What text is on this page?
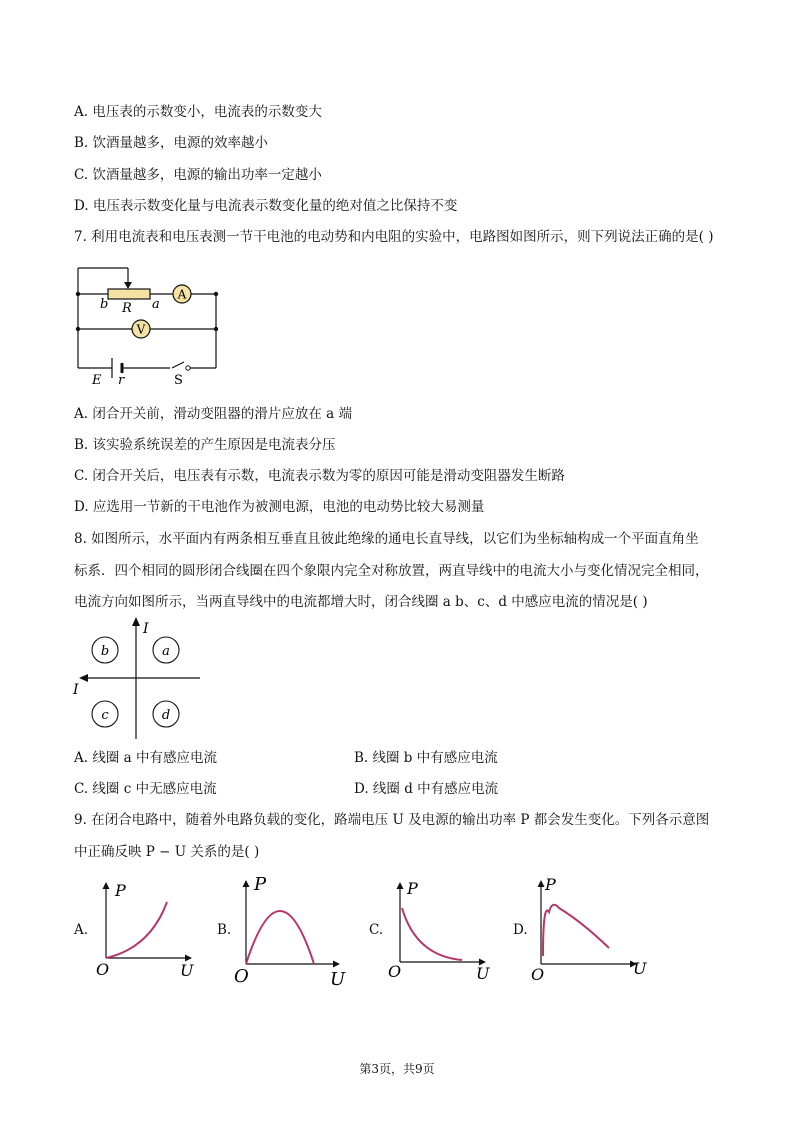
A. 电压表的示数变小，电流表的示数变大
B. 饮酒量越多，电源的效率越小
C. 饮酒量越多，电源的输出功率一定越小
D. 电压表示数变化量与电流表示数变化量的绝对值之比保持不变
7. 利用电流表和电压表测一节干电池的电动势和内电阻的实验中，电路图如图所示，则下列说法正确的是( )
A
V
b R a
E r	S
A. 闭合开关前，滑动变阻器的滑片应放在 a 端
B. 该实验系统误差的产生原因是电流表分压
C. 闭合开关后，电压表有示数，电流表示数为零的原因可能是滑动变阻器发生断路
D. 应选用一节新的干电池作为被测电源，电池的电动势比较大易测量
8. 如图所示，水平面内有两条相互垂直且彼此绝缘的通电长直导线，以它们为坐标轴构成一个平面直角坐
标系．四个相同的圆形闭合线圈在四个象限内完全对称放置，两直导线中的电流大小与变化情况完全相同，
电流方向如图所示，当两直导线中的电流都增大时，闭合线圈 a b、c、d 中感应电流的情况是( )
I
I
b	a
c	d
A. 线圈 a 中有感应电流	B. 线圈 b 中有感应电流
C. 线圈 c 中无感应电流	D. 线圈 d 中有感应电流
9. 在闭合电路中，随着外电路负载的变化，路端电压 U 及电源的输出功率 P 都会发生变化。下列各示意图
中正确反映 P − U 关系的是( )
A.
P
U
O
B.
P
U
O
C.
P
U
O
D.
P
U
O
第3页，共9页
